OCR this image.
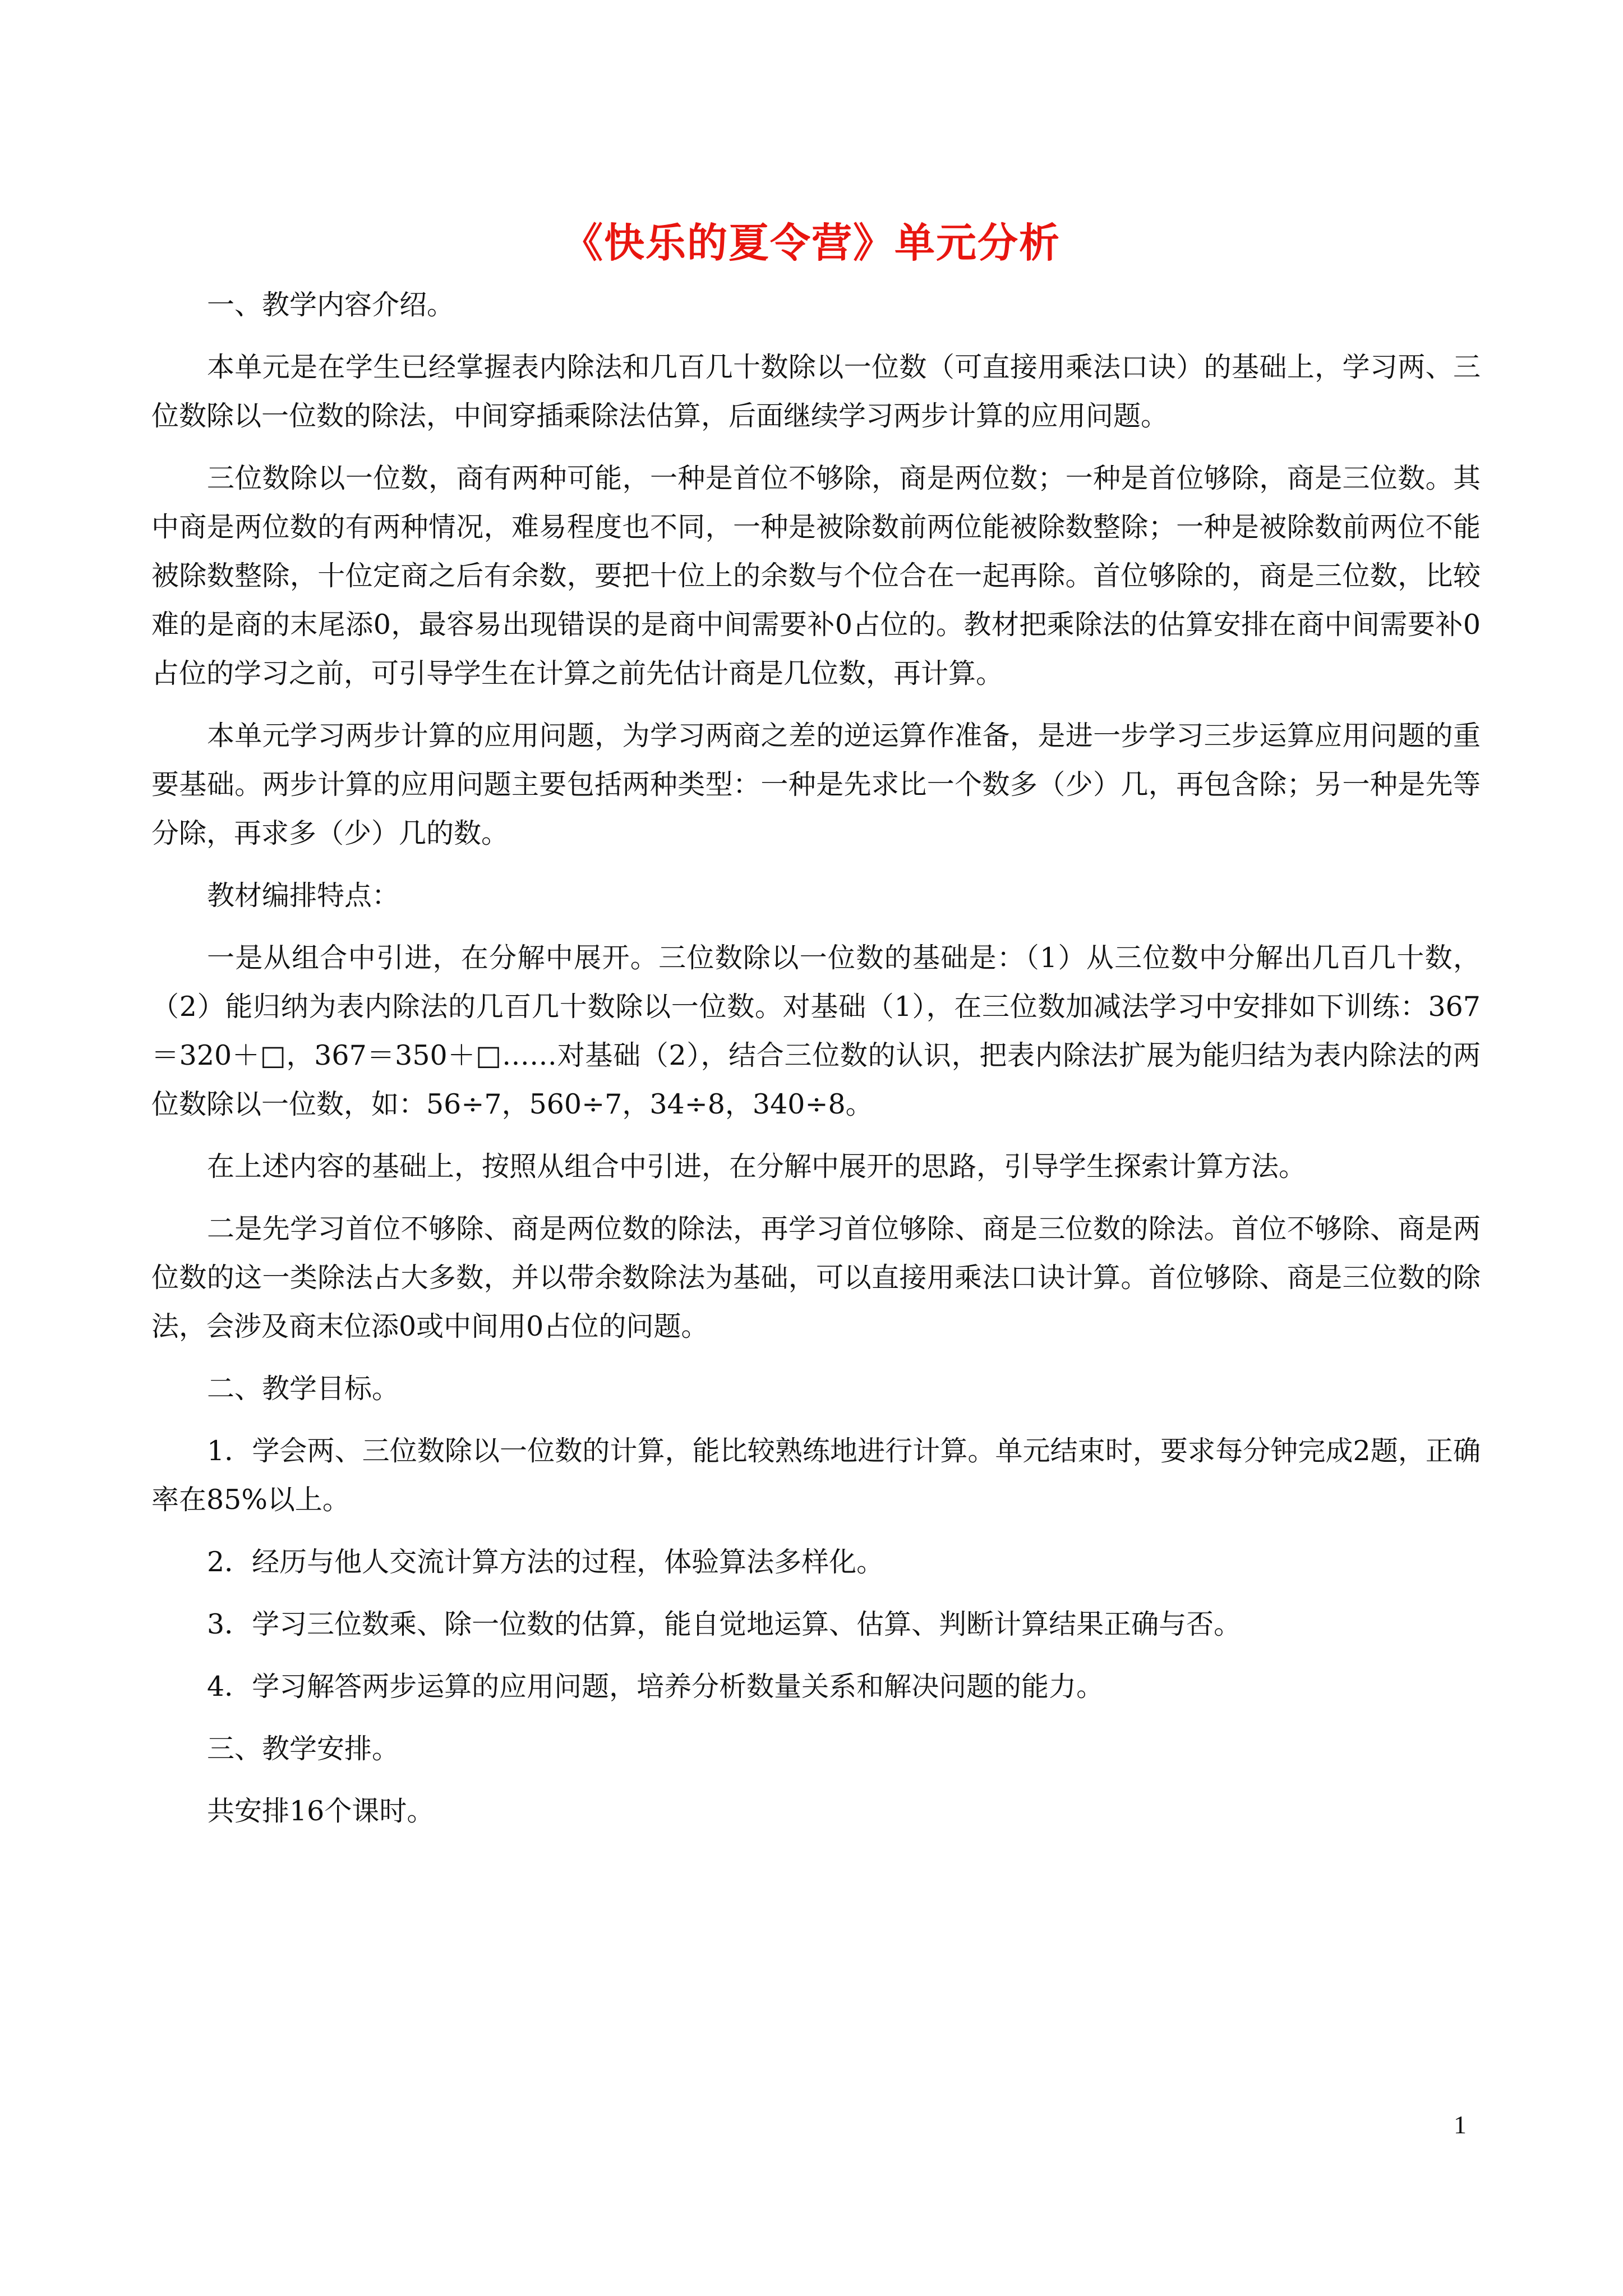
《快乐的夏令营》单元分析

一、教学内容介绍。

本单元是在学生已经掌握表内除法和几百几十数除以一位数（可直接用乘法口诀）的基础上，学习两、三位数除以一位数的除法，中间穿插乘除法估算，后面继续学习两步计算的应用问题。

三位数除以一位数，商有两种可能，一种是首位不够除，商是两位数；一种是首位够除，商是三位数。其中商是两位数的有两种情况，难易程度也不同，一种是被除数前两位能被除数整除；一种是被除数前两位不能被除数整除，十位定商之后有余数，要把十位上的余数与个位合在一起再除。首位够除的，商是三位数，比较难的是商的末尾添0，最容易出现错误的是商中间需要补0占位的。教材把乘除法的估算安排在商中间需要补0占位的学习之前，可引导学生在计算之前先估计商是几位数，再计算。

本单元学习两步计算的应用问题，为学习两商之差的逆运算作准备，是进一步学习三步运算应用问题的重要基础。两步计算的应用问题主要包括两种类型：一种是先求比一个数多（少）几，再包含除；另一种是先等分除，再求多（少）几的数。

教材编排特点：

一是从组合中引进，在分解中展开。三位数除以一位数的基础是：（1）从三位数中分解出几百几十数，（2）能归纳为表内除法的几百几十数除以一位数。对基础（1），在三位数加减法学习中安排如下训练：367＝320＋□，367＝350＋□……对基础（2），结合三位数的认识，把表内除法扩展为能归结为表内除法的两位数除以一位数，如：56÷7，560÷7，34÷8，340÷8。

在上述内容的基础上，按照从组合中引进，在分解中展开的思路，引导学生探索计算方法。

二是先学习首位不够除、商是两位数的除法，再学习首位够除、商是三位数的除法。首位不够除、商是两位数的这一类除法占大多数，并以带余数除法为基础，可以直接用乘法口诀计算。首位够除、商是三位数的除法，会涉及商末位添0或中间用0占位的问题。

二、教学目标。

1．学会两、三位数除以一位数的计算，能比较熟练地进行计算。单元结束时，要求每分钟完成2题，正确率在85%以上。

2．经历与他人交流计算方法的过程，体验算法多样化。

3．学习三位数乘、除一位数的估算，能自觉地运算、估算、判断计算结果正确与否。

4．学习解答两步运算的应用问题，培养分析数量关系和解决问题的能力。

三、教学安排。

共安排16个课时。

1
